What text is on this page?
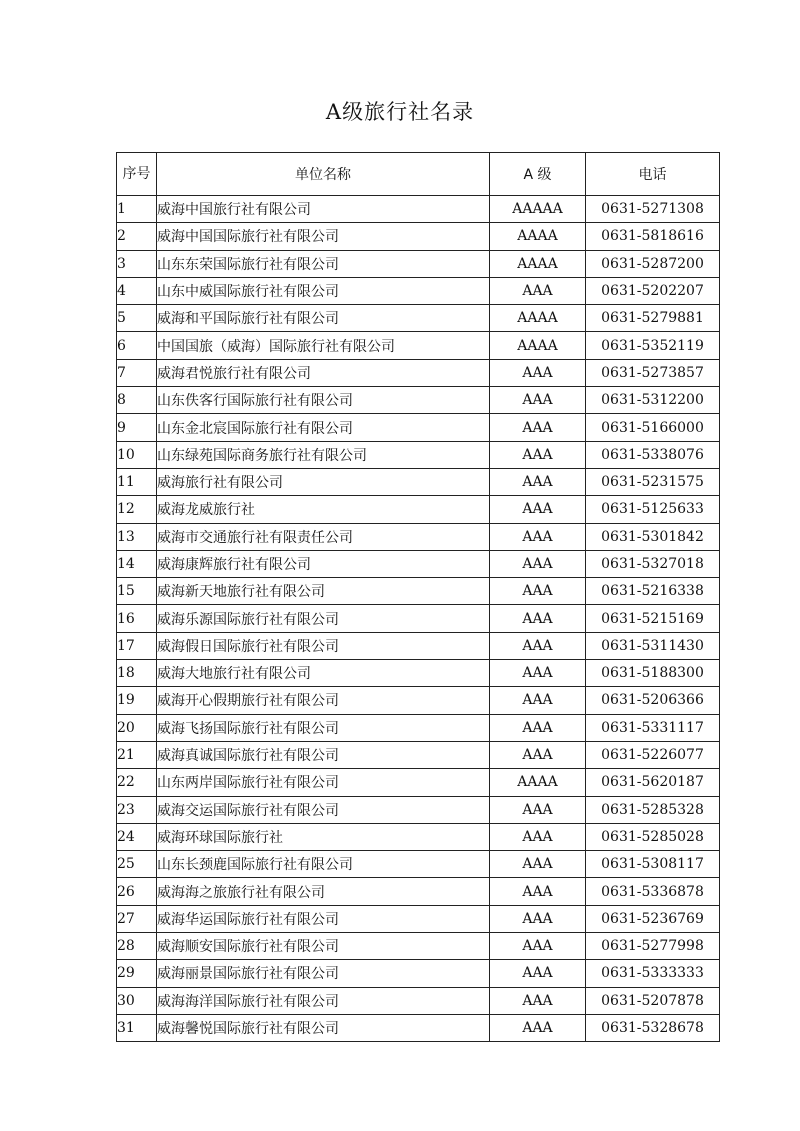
A级旅行社名录
序号	单位名称	A 级	电话
1	威海中国旅行社有限公司	AAAAA	0631-5271308
2	威海中国国际旅行社有限公司	AAAA	0631-5818616
3	山东东荣国际旅行社有限公司	AAAA	0631-5287200
4	山东中威国际旅行社有限公司	AAA	0631-5202207
5	威海和平国际旅行社有限公司	AAAA	0631-5279881
6	中国国旅（威海）国际旅行社有限公司	AAAA	0631-5352119
7	威海君悦旅行社有限公司	AAA	0631-5273857
8	山东佚客行国际旅行社有限公司	AAA	0631-5312200
9	山东金北宸国际旅行社有限公司	AAA	0631-5166000
10	山东绿苑国际商务旅行社有限公司	AAA	0631-5338076
11	威海旅行社有限公司	AAA	0631-5231575
12	威海龙威旅行社	AAA	0631-5125633
13	威海市交通旅行社有限责任公司	AAA	0631-5301842
14	威海康辉旅行社有限公司	AAA	0631-5327018
15	威海新天地旅行社有限公司	AAA	0631-5216338
16	威海乐源国际旅行社有限公司	AAA	0631-5215169
17	威海假日国际旅行社有限公司	AAA	0631-5311430
18	威海大地旅行社有限公司	AAA	0631-5188300
19	威海开心假期旅行社有限公司	AAA	0631-5206366
20	威海飞扬国际旅行社有限公司	AAA	0631-5331117
21	威海真诚国际旅行社有限公司	AAA	0631-5226077
22	山东两岸国际旅行社有限公司	AAAA	0631-5620187
23	威海交运国际旅行社有限公司	AAA	0631-5285328
24	威海环球国际旅行社	AAA	0631-5285028
25	山东长颈鹿国际旅行社有限公司	AAA	0631-5308117
26	威海海之旅旅行社有限公司	AAA	0631-5336878
27	威海华运国际旅行社有限公司	AAA	0631-5236769
28	威海顺安国际旅行社有限公司	AAA	0631-5277998
29	威海丽景国际旅行社有限公司	AAA	0631-5333333
30	威海海洋国际旅行社有限公司	AAA	0631-5207878
31	威海馨悦国际旅行社有限公司	AAA	0631-5328678
